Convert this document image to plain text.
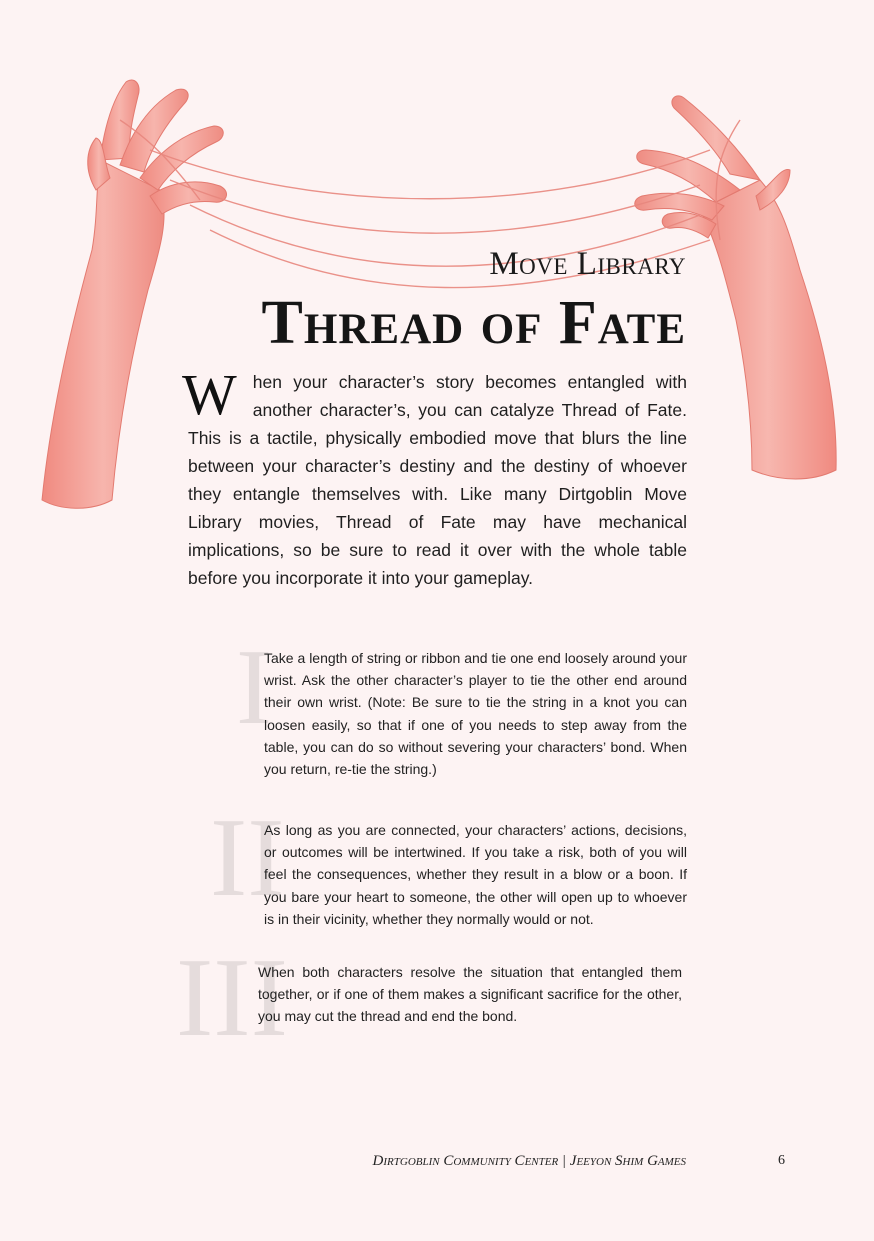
Move Library
Thread of Fate
W hen your character’s story becomes entangled with another character’s, you can catalyze Thread of Fate. This is a tactile, physically embodied move that blurs the line between your character’s destiny and the destiny of whoever they entangle themselves with. Like many Dirtgoblin Move Library movies, Thread of Fate may have mechanical implications, so be sure to read it over with the whole table before you incorporate it into your gameplay.
I

Take a length of string or ribbon and tie one end loosely around your wrist. Ask the other character’s player to tie the other end around their own wrist. (Note: Be sure to tie the string in a knot you can loosen easily, so that if one of you needs to step away from the table, you can do so without severing your characters’ bond. When you return, re-tie the string.)

II

As long as you are connected, your characters’ actions, decisions, or outcomes will be intertwined. If you take a risk, both of you will feel the consequences, whether they result in a blow or a boon. If you bare your heart to someone, the other will open up to whoever is in their vicinity, whether they normally would or not.

III

When both characters resolve the situation that entangled them together, or if one of them makes a significant sacrifice for the other, you may cut the thread and end the bond.

Dirtgoblin Community Center | Jeeyon Shim Games	6
